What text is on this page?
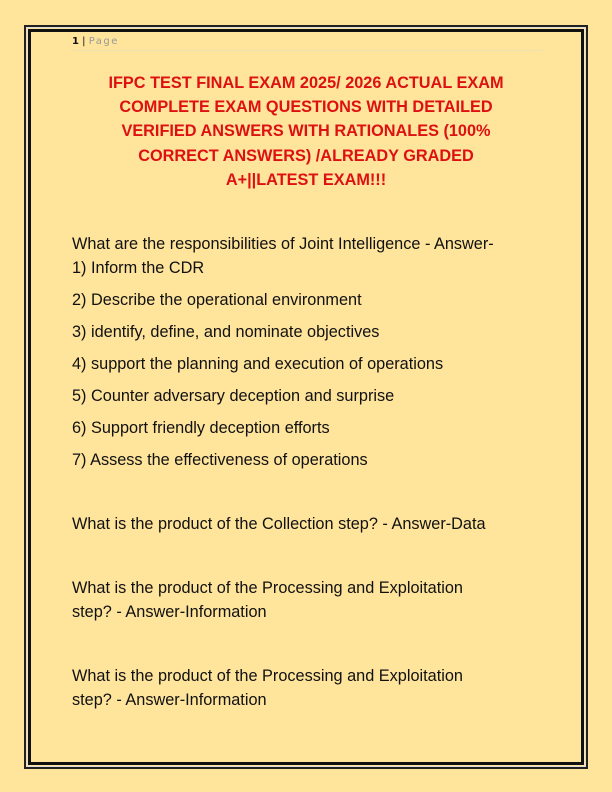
1 | Page
IFPC TEST FINAL EXAM 2025/ 2026 ACTUAL EXAM
COMPLETE EXAM QUESTIONS WITH DETAILED
VERIFIED ANSWERS WITH RATIONALES (100%
CORRECT ANSWERS) /ALREADY GRADED
A+||LATEST EXAM!!!
What are the responsibilities of Joint Intelligence - Answer-
1) Inform the CDR
2) Describe the operational environment
3) identify, define, and nominate objectives
4) support the planning and execution of operations
5) Counter adversary deception and surprise
6) Support friendly deception efforts
7) Assess the effectiveness of operations
What is the product of the Collection step? - Answer-Data
What is the product of the Processing and Exploitation
step? - Answer-Information
What is the product of the Processing and Exploitation
step? - Answer-Information
